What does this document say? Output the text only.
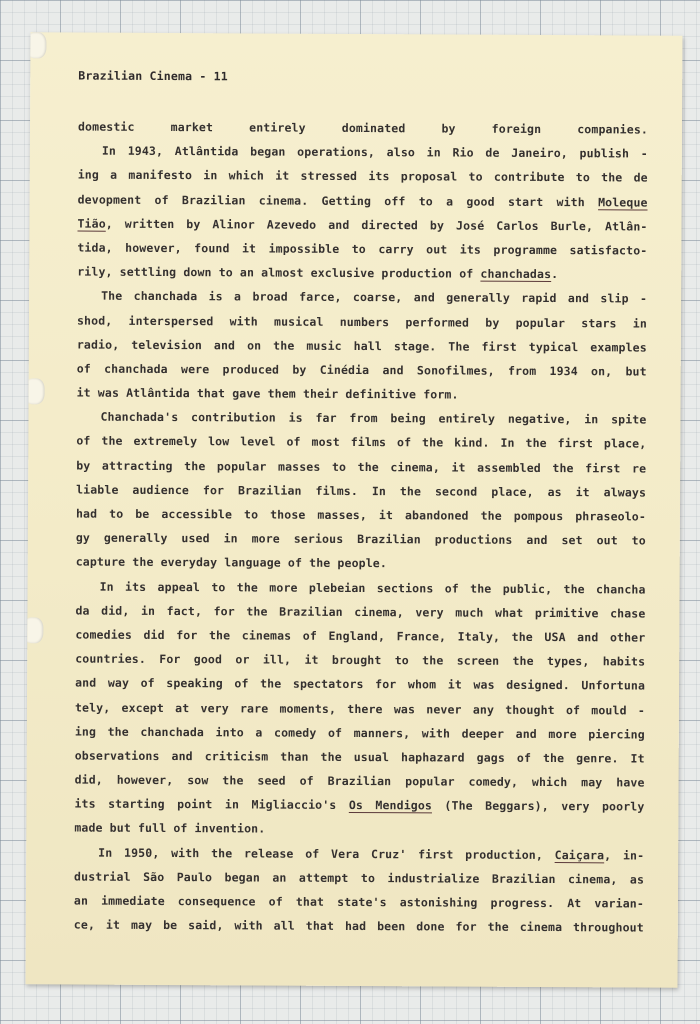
Brazilian Cinema - 11
domestic market entirely dominated by foreign companies.
In 1943, Atlântida began operations, also in Rio de Janeiro, publish -
ing a manifesto in which it stressed its proposal to contribute to the de
devopment of Brazilian cinema. Getting off to a good start with Moleque
Tião, written by Alinor Azevedo and directed by José Carlos Burle, Atlân-
tida, however, found it impossible to carry out its programme satisfacto-
rily, settling down to an almost exclusive production of chanchadas.
The chanchada is a broad farce, coarse, and generally rapid and slip -
shod, interspersed with musical numbers performed by popular stars in
radio, television and on the music hall stage. The first typical examples
of chanchada were produced by Cinédia and Sonofilmes, from 1934 on, but
it was Atlântida that gave them their definitive form.
Chanchada's contribution is far from being entirely negative, in spite
of the extremely low level of most films of the kind. In the first place,
by attracting the popular masses to the cinema, it assembled the first re
liable audience for Brazilian films. In the second place, as it always
had to be accessible to those masses, it abandoned the pompous phraseolo-
gy generally used in more serious Brazilian productions and set out to
capture the everyday language of the people.
In its appeal to the more plebeian sections of the public, the chancha
da did, in fact, for the Brazilian cinema, very much what primitive chase
comedies did for the cinemas of England, France, Italy, the USA and other
countries. For good or ill, it brought to the screen the types, habits
and way of speaking of the spectators for whom it was designed. Unfortuna
tely, except at very rare moments, there was never any thought of mould -
ing the chanchada into a comedy of manners, with deeper and more piercing
observations and criticism than the usual haphazard gags of the genre. It
did, however, sow the seed of Brazilian popular comedy, which may have
its starting point in Migliaccio's Os Mendigos (The Beggars), very poorly
made but full of invention.
In 1950, with the release of Vera Cruz' first production, Caiçara, in-
dustrial São Paulo began an attempt to industrialize Brazilian cinema, as
an immediate consequence of that state's astonishing progress. At varian-
ce, it may be said, with all that had been done for the cinema throughout
